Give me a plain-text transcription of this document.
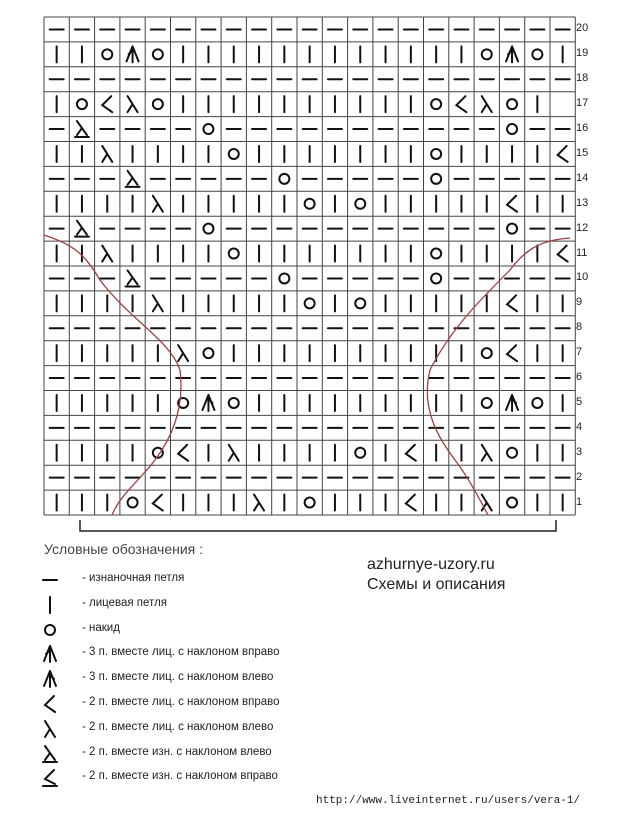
20
19
18
17
16
15
14
13
12
11
10
9
8
7
6
5
4
3
2
1
Условные обозначения :
- изнаночная петля
- лицевая петля
- накид
- 3 п. вместе лиц. с наклоном вправо
- 3 п. вместе лиц. с наклоном влево
- 2 п. вместе лиц. с наклоном вправо
- 2 п. вместе лиц. с наклоном влево
- 2 п. вместе изн. с наклоном влево
- 2 п. вместе изн. с наклоном вправо
azhurnye-uzory.ru
Схемы и описания
http://www.liveinternet.ru/users/vera-1/
